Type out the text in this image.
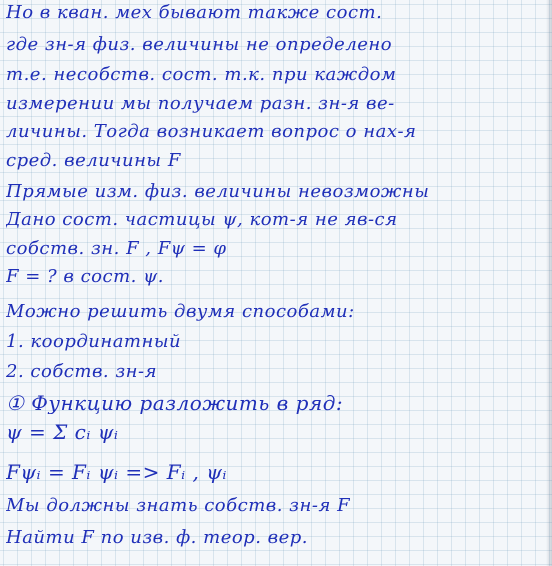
Но в кван. мех бывают также сост.

где зн-я физ. величины не определено

т.е. несобств. сост. т.к. при каждом

измерении мы получаем разн. зн-я ве-

личины. Тогда возникает вопрос о нах-я

сред. величины F

Прямые изм. физ. величины невозможны

Дано сост. частицы ψ, кот-я не яв-ся

собств. зн. F , Fψ = φ

F = ? в сост. ψ.

Можно решить двумя способами:

1. координатный

2. собств. зн-я

① Функцию разложить в ряд:

ψ = Σ cᵢ ψᵢ

Fψᵢ = Fᵢ ψᵢ => Fᵢ , ψᵢ

Мы должны знать собств. зн-я F

Найти F по изв. ф. теор. вер.
